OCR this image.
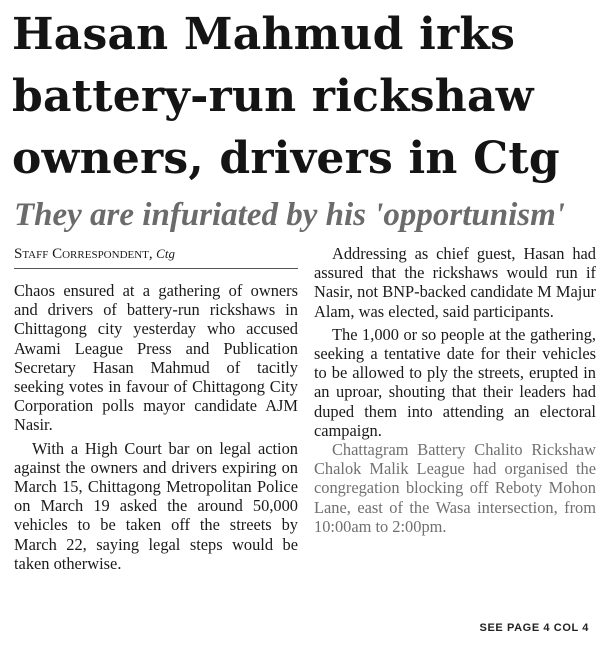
Hasan Mahmud irks
battery-run rickshaw
owners, drivers in Ctg
They are infuriated by his 'opportunism'
Staff Correspondent, Ctg

Chaos ensured at a gathering of owners and drivers of battery-run rickshaws in Chittagong city yesterday who accused Awami League Press and Publication Secretary Hasan Mahmud of tacitly seeking votes in favour of Chittagong City Corporation polls mayor candidate AJM Nasir.

With a High Court bar on legal action against the owners and drivers expiring on March 15, Chittagong Metropolitan Police on March 19 asked the around 50,000 vehicles to be taken off the streets by March 22, saying legal steps would be taken otherwise.

Addressing as chief guest, Hasan had assured that the rickshaws would run if Nasir, not BNP-backed candidate M Majur Alam, was elected, said participants.

The 1,000 or so people at the gathering, seeking a tentative date for their vehicles to be allowed to ply the streets, erupted in an uproar, shouting that their leaders had duped them into attending an electoral campaign.

Chattagram Battery Chalito Rickshaw Chalok Malik League had organised the congregation blocking off Reboty Mohon Lane, east of the Wasa intersection, from 10:00am to 2:00pm.

SEE PAGE 4 COL 4
